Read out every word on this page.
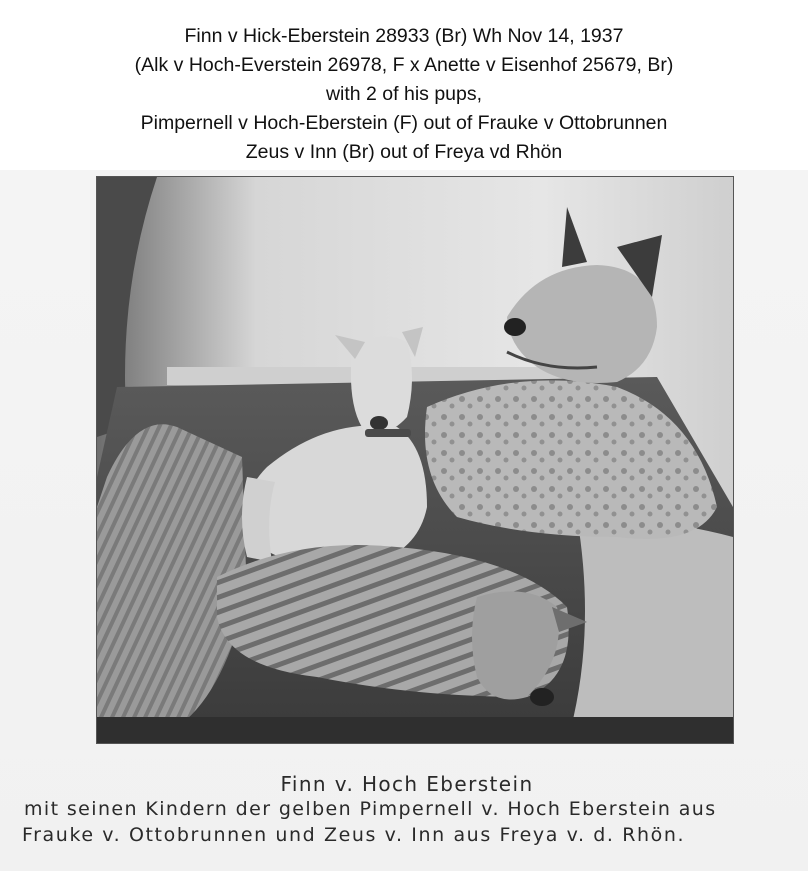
Finn v Hick-Eberstein 28933 (Br) Wh Nov 14, 1937
(Alk v Hoch-Everstein 26978, F x Anette v Eisenhof 25679, Br)
with 2 of his pups,
Pimpernell v Hoch-Eberstein (F) out of Frauke v Ottobrunnen
Zeus v Inn (Br) out of Freya vd Rhön
Finn v. Hoch Eberstein
mit seinen Kindern der gelben Pimpernell v. Hoch Eberstein aus
Frauke v. Ottobrunnen und Zeus v. Inn aus Freya v. d. Rhön.
